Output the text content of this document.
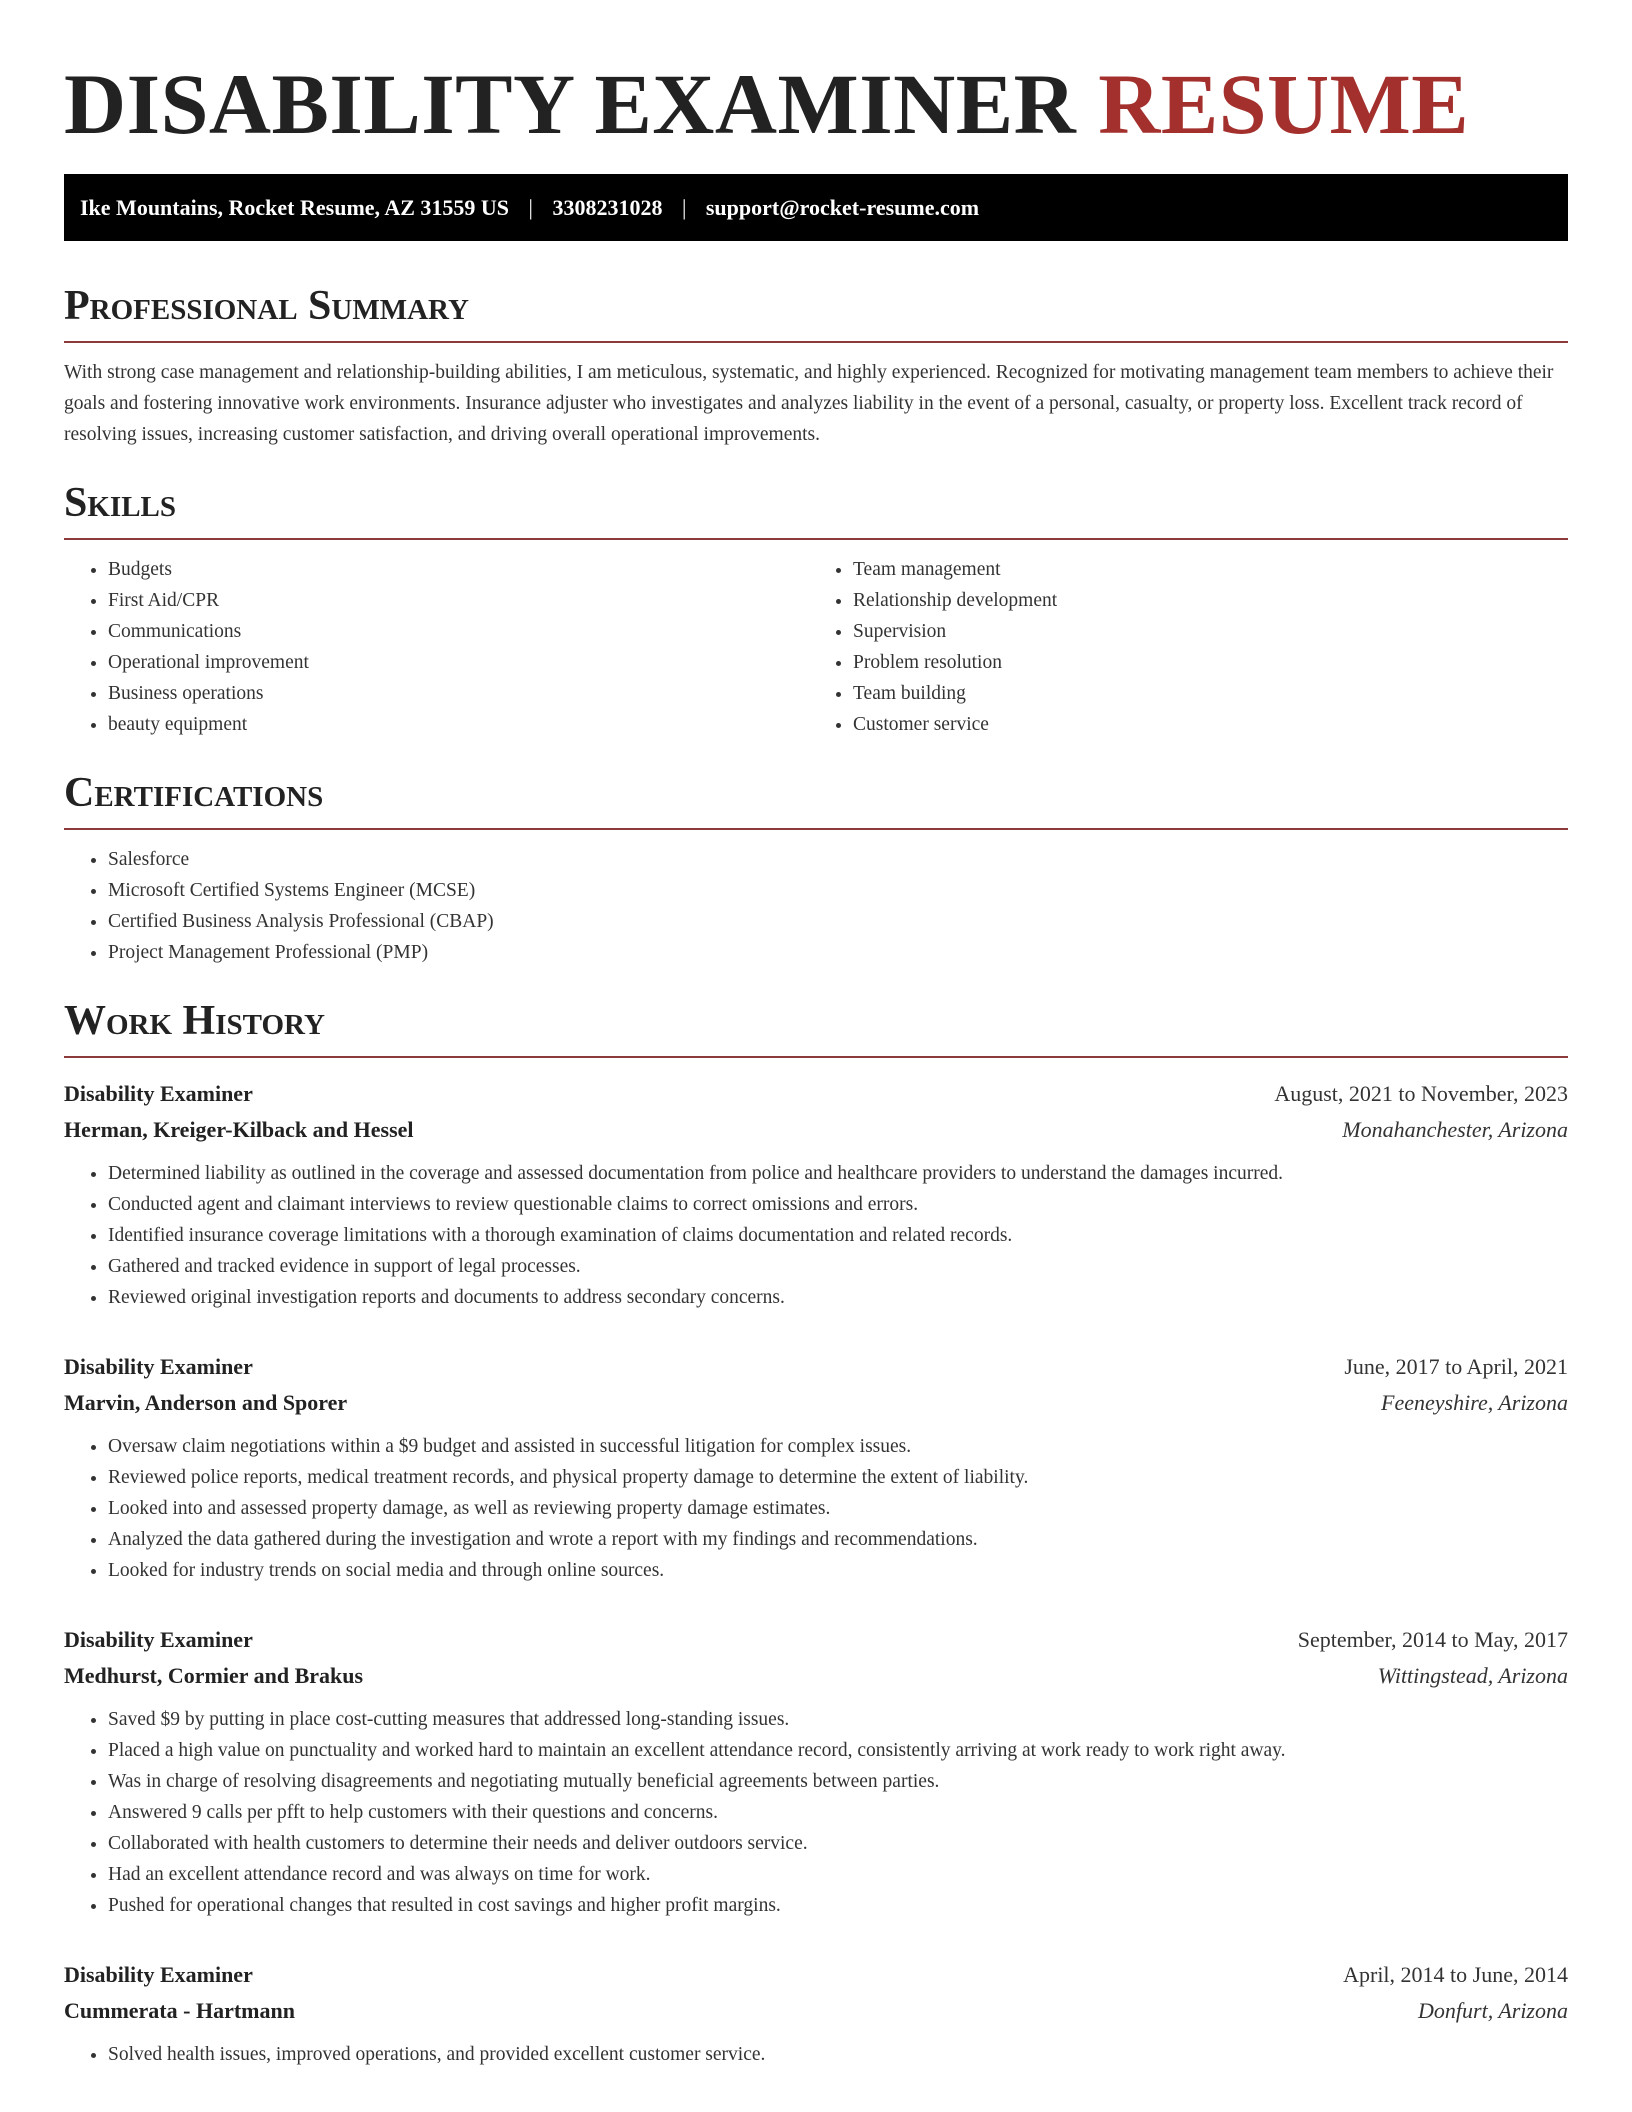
DISABILITY EXAMINER RESUME
Ike Mountains, Rocket Resume, AZ 31559 US | 3308231028 | support@rocket-resume.com
Professional Summary

With strong case management and relationship-building abilities, I am meticulous, systematic, and highly experienced. Recognized for motivating management team members to achieve their goals and fostering innovative work environments. Insurance adjuster who investigates and analyzes liability in the event of a personal, casualty, or property loss. Excellent track record of resolving issues, increasing customer satisfaction, and driving overall operational improvements.

Skills
• Budgets
• First Aid/CPR
• Communications
• Operational improvement
• Business operations
• beauty equipment
• Team management
• Relationship development
• Supervision
• Problem resolution
• Team building
• Customer service
Certifications
• Salesforce
• Microsoft Certified Systems Engineer (MCSE)
• Certified Business Analysis Professional (CBAP)
• Project Management Professional (PMP)
Work History
Disability Examiner	August, 2021 to November, 2023
Herman, Kreiger-Kilback and Hessel	Monahanchester, Arizona
• Determined liability as outlined in the coverage and assessed documentation from police and healthcare providers to understand the damages incurred.
• Conducted agent and claimant interviews to review questionable claims to correct omissions and errors.
• Identified insurance coverage limitations with a thorough examination of claims documentation and related records.
• Gathered and tracked evidence in support of legal processes.
• Reviewed original investigation reports and documents to address secondary concerns.
Disability Examiner	June, 2017 to April, 2021
Marvin, Anderson and Sporer	Feeneyshire, Arizona
• Oversaw claim negotiations within a $9 budget and assisted in successful litigation for complex issues.
• Reviewed police reports, medical treatment records, and physical property damage to determine the extent of liability.
• Looked into and assessed property damage, as well as reviewing property damage estimates.
• Analyzed the data gathered during the investigation and wrote a report with my findings and recommendations.
• Looked for industry trends on social media and through online sources.
Disability Examiner	September, 2014 to May, 2017
Medhurst, Cormier and Brakus	Wittingstead, Arizona
• Saved $9 by putting in place cost-cutting measures that addressed long-standing issues.
• Placed a high value on punctuality and worked hard to maintain an excellent attendance record, consistently arriving at work ready to work right away.
• Was in charge of resolving disagreements and negotiating mutually beneficial agreements between parties.
• Answered 9 calls per pfft to help customers with their questions and concerns.
• Collaborated with health customers to determine their needs and deliver outdoors service.
• Had an excellent attendance record and was always on time for work.
• Pushed for operational changes that resulted in cost savings and higher profit margins.
Disability Examiner	April, 2014 to June, 2014
Cummerata - Hartmann	Donfurt, Arizona
• Solved health issues, improved operations, and provided excellent customer service.
